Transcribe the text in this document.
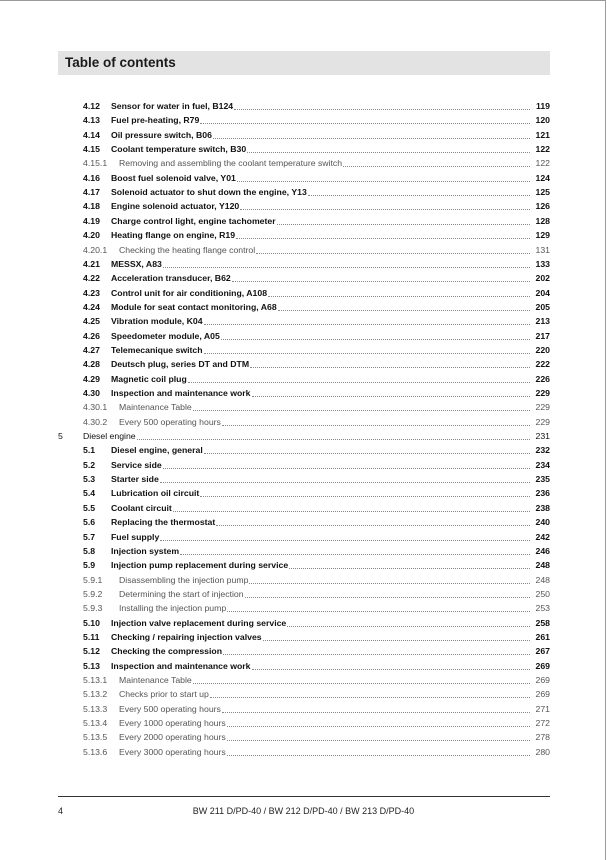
Table of contents
4.12	Sensor for water in fuel, B124	119
4.13	Fuel pre-heating, R79	120
4.14	Oil pressure switch, B06	121
4.15	Coolant temperature switch, B30	122
4.15.1	Removing and assembling the coolant temperature switch	122
4.16	Boost fuel solenoid valve, Y01	124
4.17	Solenoid actuator to shut down the engine, Y13	125
4.18	Engine solenoid actuator, Y120	126
4.19	Charge control light, engine tachometer	128
4.20	Heating flange on engine, R19	129
4.20.1	Checking the heating flange control	131
4.21	MESSX, A83	133
4.22	Acceleration transducer, B62	202
4.23	Control unit for air conditioning, A108	204
4.24	Module for seat contact monitoring, A68	205
4.25	Vibration module, K04	213
4.26	Speedometer module, A05	217
4.27	Telemecanique switch	220
4.28	Deutsch plug, series DT and DTM	222
4.29	Magnetic coil plug	226
4.30	Inspection and maintenance work	229
4.30.1	Maintenance Table	229
4.30.2	Every 500 operating hours	229
5	Diesel engine	231
5.1	Diesel engine, general	232
5.2	Service side	234
5.3	Starter side	235
5.4	Lubrication oil circuit	236
5.5	Coolant circuit	238
5.6	Replacing the thermostat	240
5.7	Fuel supply	242
5.8	Injection system	246
5.9	Injection pump replacement during service	248
5.9.1	Disassembling the injection pump	248
5.9.2	Determining the start of injection	250
5.9.3	Installing the injection pump	253
5.10	Injection valve replacement during service	258
5.11	Checking / repairing injection valves	261
5.12	Checking the compression	267
5.13	Inspection and maintenance work	269
5.13.1	Maintenance Table	269
5.13.2	Checks prior to start up	269
5.13.3	Every 500 operating hours	271
5.13.4	Every 1000 operating hours	272
5.13.5	Every 2000 operating hours	278
5.13.6	Every 3000 operating hours	280
4	BW 211 D/PD-40 / BW 212 D/PD-40 / BW 213 D/PD-40
